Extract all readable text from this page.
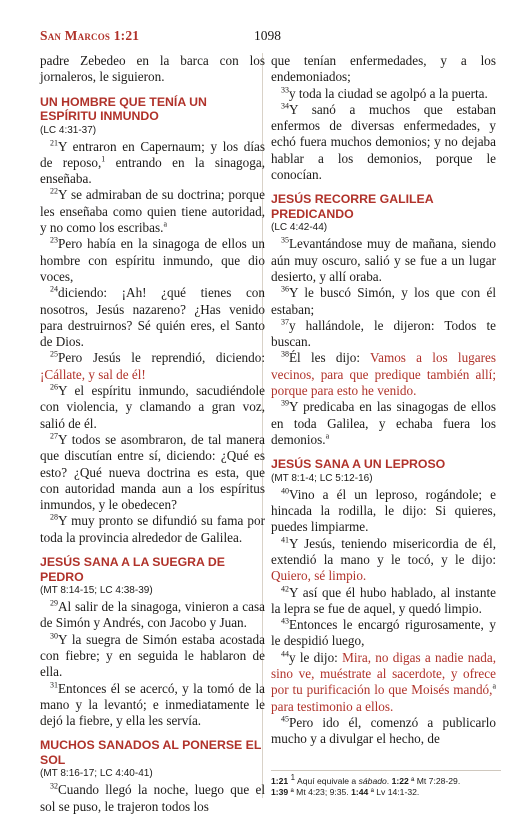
San Marcos 1:21	1098

padre Zebedeo en la barca con los jornaleros, le siguieron.

UN HOMBRE QUE TENÍA UN ESPÍRITU INMUNDO
(LC 4:31-37)

$^{21}$Y entraron en Capernaum; y los días de reposo,$^1$ entrando en la sinagoga, enseñaba.

$^{22}$Y se admiraban de su doctrina; porque les enseñaba como quien tiene autoridad, y no como los escribas.$^a$

$^{23}$Pero había en la sinagoga de ellos un hombre con espíritu inmundo, que dio voces,

$^{24}$diciendo: ¡Ah! ¿qué tienes con nosotros, Jesús nazareno? ¿Has venido para destruirnos? Sé quién eres, el Santo de Dios.

$^{25}$Pero Jesús le reprendió, diciendo: ¡Cállate, y sal de él!

$^{26}$Y el espíritu inmundo, sacudiéndole con violencia, y clamando a gran voz, salió de él.

$^{27}$Y todos se asombraron, de tal manera que discutían entre sí, diciendo: ¿Qué es esto? ¿Qué nueva doctrina es esta, que con autoridad manda aun a los espíritus inmundos, y le obedecen?

$^{28}$Y muy pronto se difundió su fama por toda la provincia alrededor de Galilea.

JESÚS SANA A LA SUEGRA DE PEDRO
(MT 8:14-15; LC 4:38-39)

$^{29}$Al salir de la sinagoga, vinieron a casa de Simón y Andrés, con Jacobo y Juan.

$^{30}$Y la suegra de Simón estaba acostada con fiebre; y en seguida le hablaron de ella.

$^{31}$Entonces él se acercó, y la tomó de la mano y la levantó; e inmediatamente le dejó la fiebre, y ella les servía.

MUCHOS SANADOS AL PONERSE EL SOL
(MT 8:16-17; LC 4:40-41)

$^{32}$Cuando llegó la noche, luego que el sol se puso, le trajeron todos los

que tenían enfermedades, y a los endemoniados;

$^{33}$y toda la ciudad se agolpó a la puerta.

$^{34}$Y sanó a muchos que estaban enfermos de diversas enfermedades, y echó fuera muchos demonios; y no dejaba hablar a los demonios, porque le conocían.

JESÚS RECORRE GALILEA PREDICANDO
(LC 4:42-44)

$^{35}$Levantándose muy de mañana, siendo aún muy oscuro, salió y se fue a un lugar desierto, y allí oraba.

$^{36}$Y le buscó Simón, y los que con él estaban;

$^{37}$y hallándole, le dijeron: Todos te buscan.

$^{38}$Él les dijo: Vamos a los lugares vecinos, para que predique también allí; porque para esto he venido.

$^{39}$Y predicaba en las sinagogas de ellos en toda Galilea, y echaba fuera los demonios.$^a$

JESÚS SANA A UN LEPROSO
(MT 8:1-4; LC 5:12-16)

$^{40}$Vino a él un leproso, rogándole; e hincada la rodilla, le dijo: Si quieres, puedes limpiarme.

$^{41}$Y Jesús, teniendo misericordia de él, extendió la mano y le tocó, y le dijo: Quiero, sé limpio.

$^{42}$Y así que él hubo hablado, al instante la lepra se fue de aquel, y quedó limpio.

$^{43}$Entonces le encargó rigurosamente, y le despidió luego,

$^{44}$y le dijo: Mira, no digas a nadie nada, sino ve, muéstrate al sacerdote, y ofrece por tu purificación lo que Moisés mandó,$^a$ para testimonio a ellos.

$^{45}$Pero ido él, comenzó a publicarlo mucho y a divulgar el hecho, de

1:21 1 Aquí equivale a sábado. 1:22 ª Mt 7:28-29.
1:39 ª Mt 4:23; 9:35. 1:44 ª Lv 14:1-32.
